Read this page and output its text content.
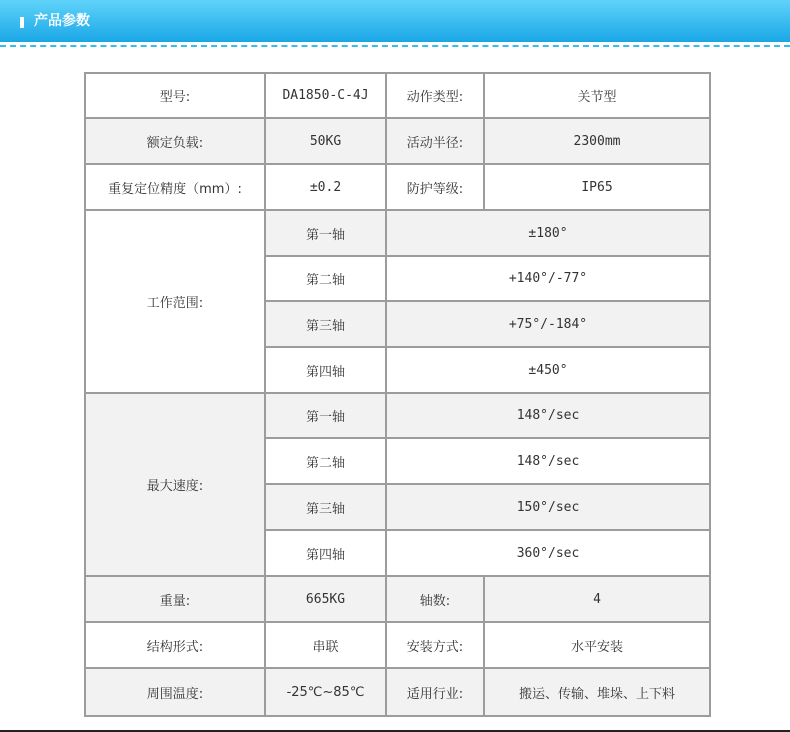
产品参数
型号:	DA1850-C-4J	动作类型:	关节型
额定负载:	50KG	活动半径:	2300mm
重复定位精度（mm）:	±0.2	防护等级:	IP65
工作范围:	第一轴	±180°	
	第二轴	+140°/-77°	
	第三轴	+75°/-184°	
	第四轴	±450°	
最大速度:	第一轴	148°/sec	
	第二轴	148°/sec	
	第三轴	150°/sec	
	第四轴	360°/sec	
重量:	665KG	轴数:	4
结构形式:	串联	安装方式:	水平安装
周围温度:	-25℃~85℃	适用行业:	搬运、传输、堆垛、上下料
